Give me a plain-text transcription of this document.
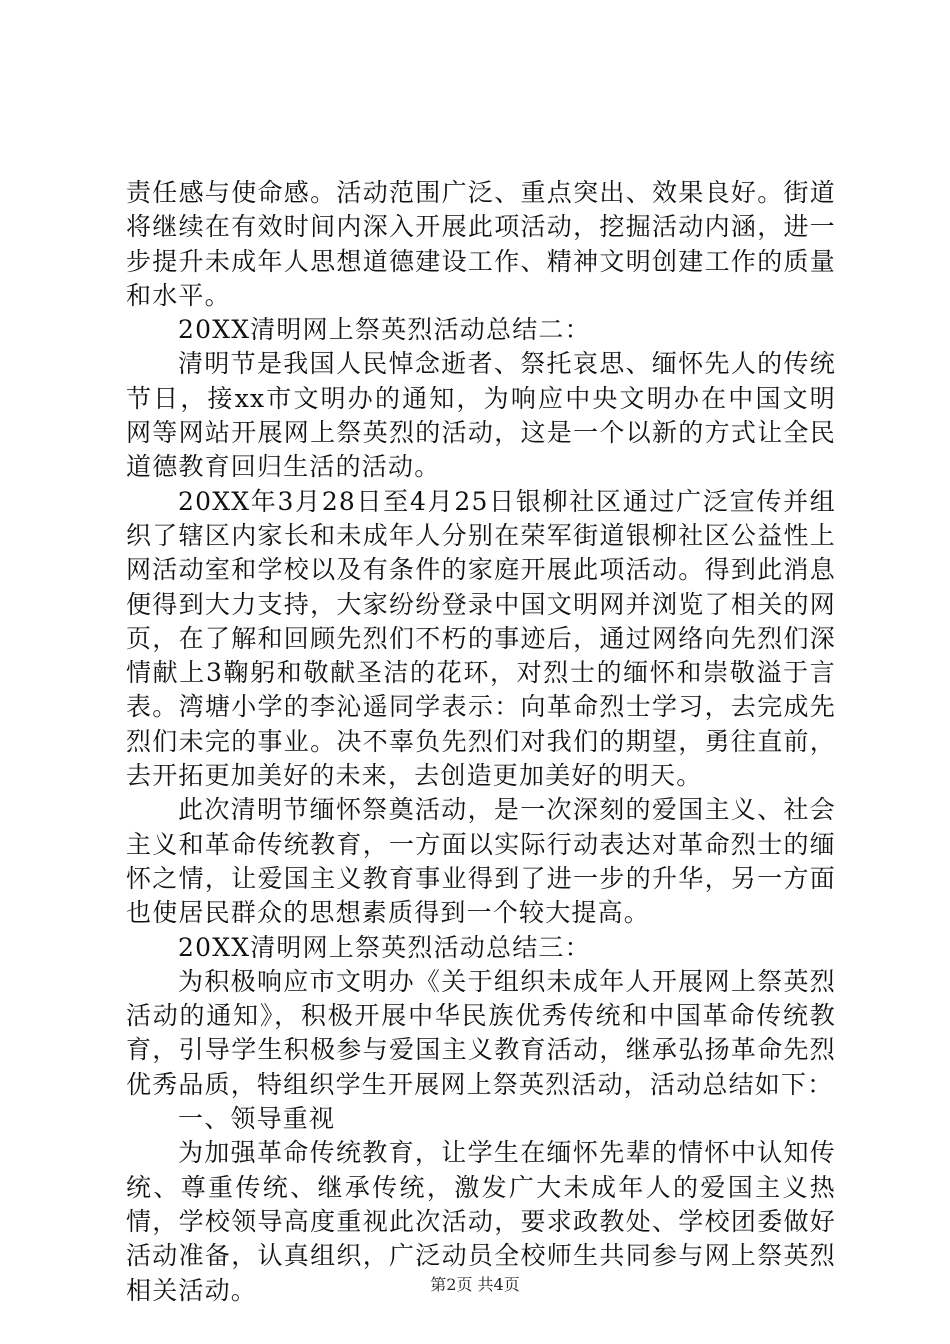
责任感与使命感。活动范围广泛、重点突出、效果良好。街道将继续在有效时间内深入开展此项活动，挖掘活动内涵，进一步提升未成年人思想道德建设工作、精神文明创建工作的质量和水平。

20XX清明网上祭英烈活动总结二：

清明节是我国人民悼念逝者、祭托哀思、缅怀先人的传统节日，接xx市文明办的通知，为响应中央文明办在中国文明网等网站开展网上祭英烈的活动，这是一个以新的方式让全民道德教育回归生活的活动。

20XX年3月28日至4月25日银柳社区通过广泛宣传并组织了辖区内家长和未成年人分别在荣军街道银柳社区公益性上网活动室和学校以及有条件的家庭开展此项活动。得到此消息便得到大力支持，大家纷纷登录中国文明网并浏览了相关的网页，在了解和回顾先烈们不朽的事迹后，通过网络向先烈们深情献上3鞠躬和敬献圣洁的花环，对烈士的缅怀和崇敬溢于言表。湾塘小学的李沁遥同学表示：向革命烈士学习，去完成先烈们未完的事业。决不辜负先烈们对我们的期望，勇往直前，去开拓更加美好的未来，去创造更加美好的明天。

此次清明节缅怀祭奠活动，是一次深刻的爱国主义、社会主义和革命传统教育，一方面以实际行动表达对革命烈士的缅怀之情，让爱国主义教育事业得到了进一步的升华，另一方面也使居民群众的思想素质得到一个较大提高。

20XX清明网上祭英烈活动总结三：

为积极响应市文明办《关于组织未成年人开展网上祭英烈活动的通知》，积极开展中华民族优秀传统和中国革命传统教育，引导学生积极参与爱国主义教育活动，继承弘扬革命先烈优秀品质，特组织学生开展网上祭英烈活动，活动总结如下：

一、领导重视

为加强革命传统教育，让学生在缅怀先辈的情怀中认知传统、尊重传统、继承传统，激发广大未成年人的爱国主义热情，学校领导高度重视此次活动，要求政教处、学校团委做好活动准备，认真组织，广泛动员全校师生共同参与网上祭英烈相关活动。	第2页 共4页
